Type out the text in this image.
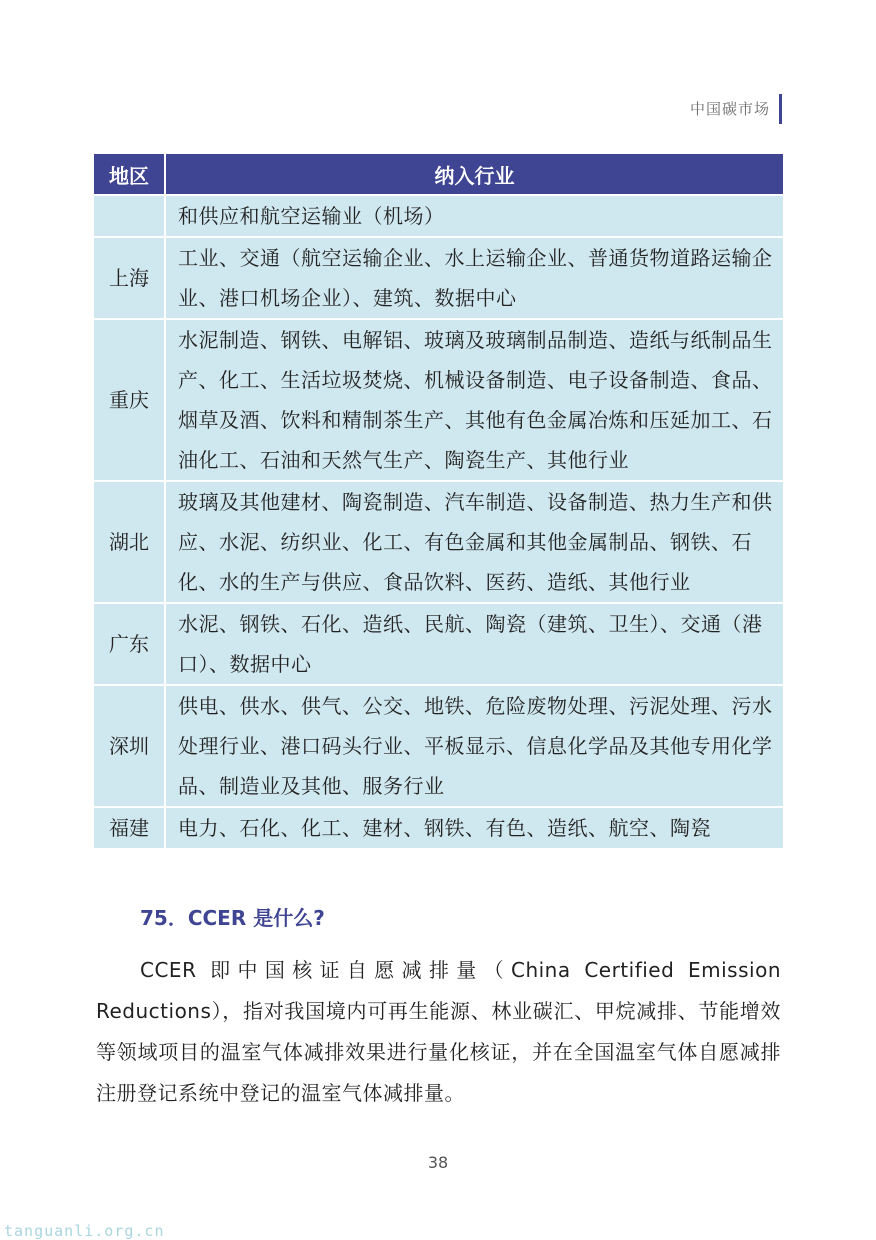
中国碳市场
地区	纳入行业
	和供应和航空运输业（机场）
上海	工业、交通（航空运输企业、水上运输企业、普通货物道路运输企业、港口机场企业）、建筑、数据中心
重庆	水泥制造、钢铁、电解铝、玻璃及玻璃制品制造、造纸与纸制品生产、化工、生活垃圾焚烧、机械设备制造、电子设备制造、食品、烟草及酒、饮料和精制茶生产、其他有色金属冶炼和压延加工、石油化工、石油和天然气生产、陶瓷生产、其他行业
湖北	玻璃及其他建材、陶瓷制造、汽车制造、设备制造、热力生产和供应、水泥、纺织业、化工、有色金属和其他金属制品、钢铁、石化、水的生产与供应、食品饮料、医药、造纸、其他行业
广东	水泥、钢铁、石化、造纸、民航、陶瓷（建筑、卫生）、交通（港口）、数据中心
深圳	供电、供水、供气、公交、地铁、危险废物处理、污泥处理、污水处理行业、港口码头行业、平板显示、信息化学品及其他专用化学品、制造业及其他、服务行业
福建	电力、石化、化工、建材、钢铁、有色、造纸、航空、陶瓷
75．CCER 是什么?

CCER 即中国核证自愿减排量（China Certified Emission Reductions），指对我国境内可再生能源、林业碳汇、甲烷减排、节能增效等领域项目的温室气体减排效果进行量化核证，并在全国温室气体自愿减排注册登记系统中登记的温室气体减排量。

38
tanguanli.org.cn
